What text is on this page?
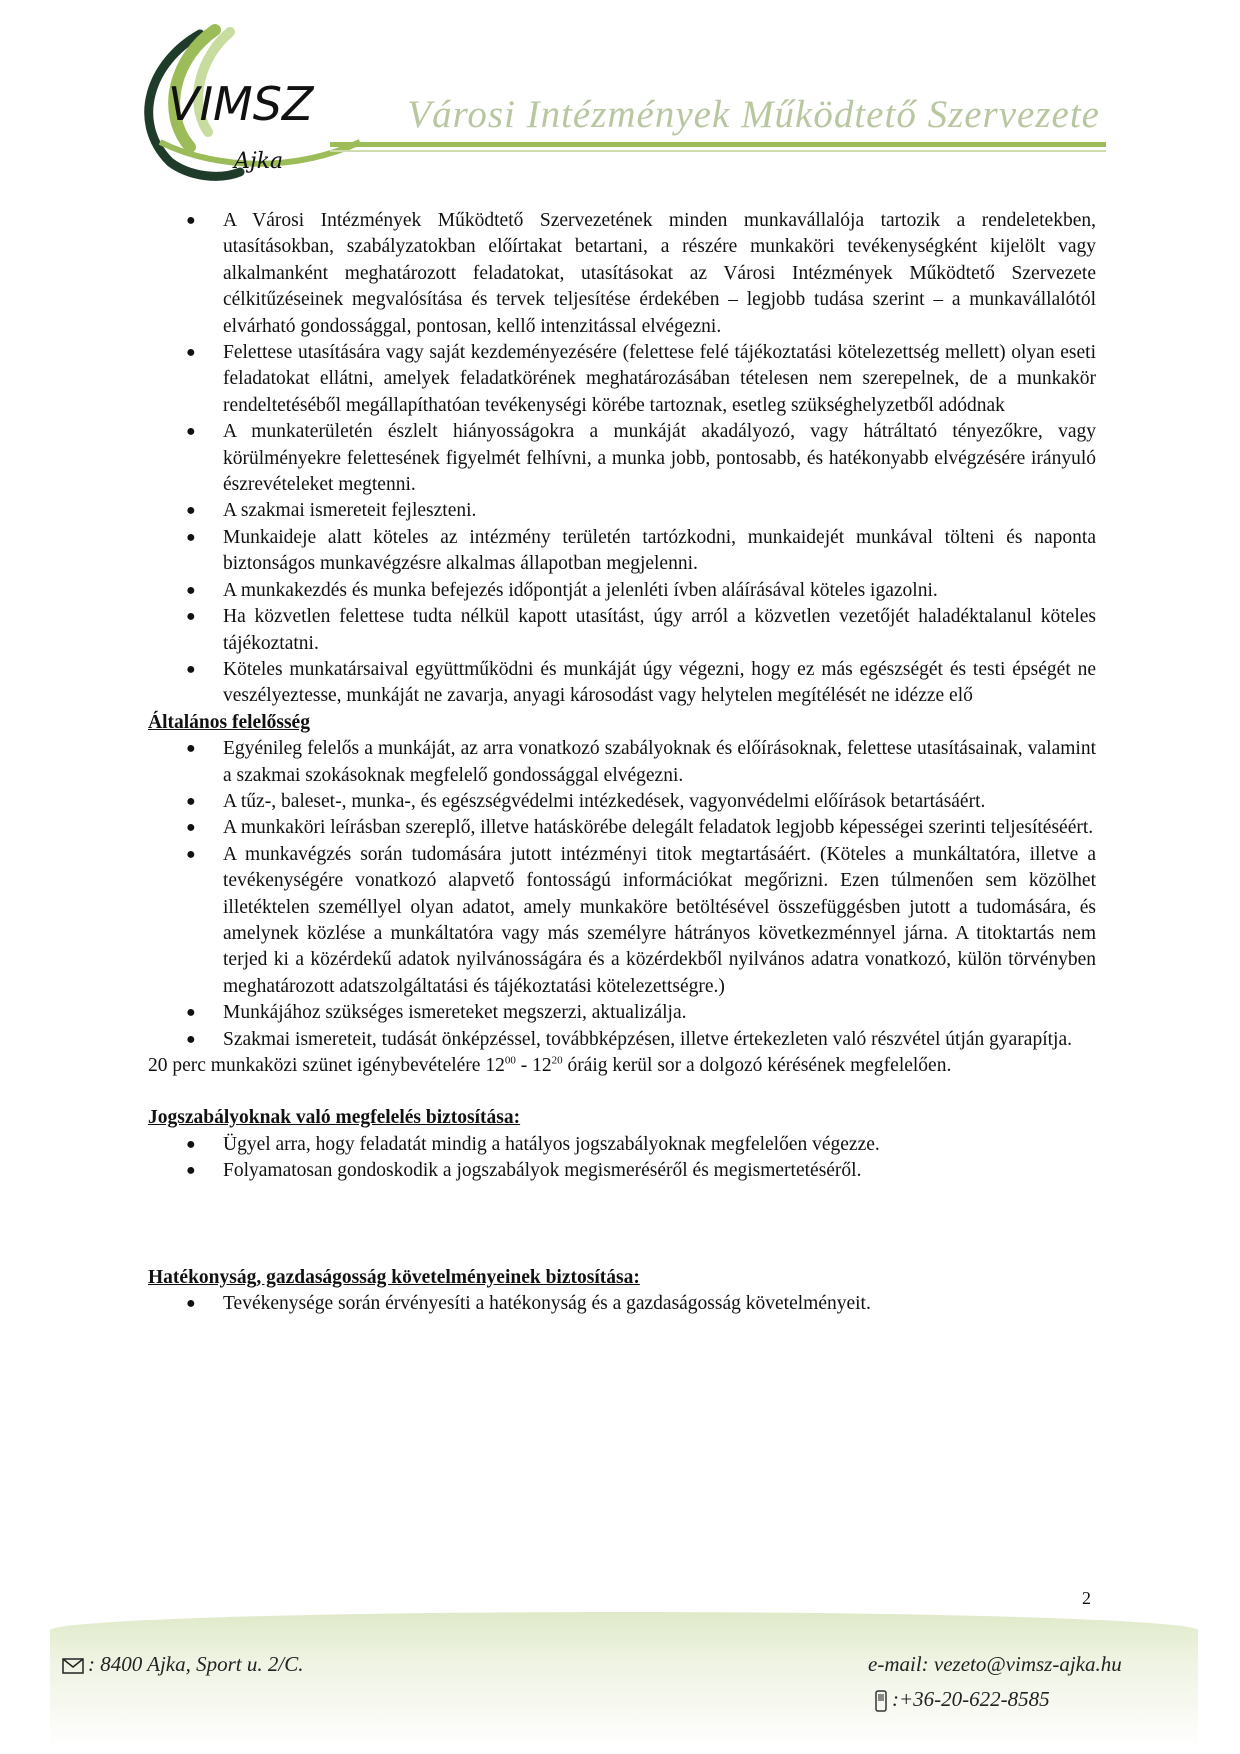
VIMSZ
Ajka
Városi Intézmények Működtető Szervezete
● A Városi Intézmények Működtető Szervezetének minden munkavállalója tartozik a rendeletekben, utasításokban, szabályzatokban előírtakat betartani, a részére munkaköri tevékenységként kijelölt vagy alkalmanként meghatározott feladatokat, utasításokat az Városi Intézmények Működtető Szervezete célkitűzéseinek megvalósítása és tervek teljesítése érdekében – legjobb tudása szerint – a munkavállalótól elvárható gondossággal, pontosan, kellő intenzitással elvégezni.
● Felettese utasítására vagy saját kezdeményezésére (felettese felé tájékoztatási kötelezettség mellett) olyan eseti feladatokat ellátni, amelyek feladatkörének meghatározásában tételesen nem szerepelnek, de a munkakör rendeltetéséből megállapíthatóan tevékenységi körébe tartoznak, esetleg szükséghelyzetből adódnak
● A munkaterületén észlelt hiányosságokra a munkáját akadályozó, vagy hátráltató tényezőkre, vagy körülményekre felettesének figyelmét felhívni, a munka jobb, pontosabb, és hatékonyabb elvégzésére irányuló észrevételeket megtenni.
● A szakmai ismereteit fejleszteni.
● Munkaideje alatt köteles az intézmény területén tartózkodni, munkaidejét munkával tölteni és naponta biztonságos munkavégzésre alkalmas állapotban megjelenni.
● A munkakezdés és munka befejezés időpontját a jelenléti ívben aláírásával köteles igazolni.
● Ha közvetlen felettese tudta nélkül kapott utasítást, úgy arról a közvetlen vezetőjét haladéktalanul köteles tájékoztatni.
● Köteles munkatársaival együttműködni és munkáját úgy végezni, hogy ez más egészségét és testi épségét ne veszélyeztesse, munkáját ne zavarja, anyagi károsodást vagy helytelen megítélését ne idézze elő

Általános felelősség

● Egyénileg felelős a munkáját, az arra vonatkozó szabályoknak és előírásoknak, felettese utasításainak, valamint a szakmai szokásoknak megfelelő gondossággal elvégezni.
● A tűz-, baleset-, munka-, és egészségvédelmi intézkedések, vagyonvédelmi előírások betartásáért.
● A munkaköri leírásban szereplő, illetve hatáskörébe delegált feladatok legjobb képességei szerinti teljesítéséért.
● A munkavégzés során tudomására jutott intézményi titok megtartásáért. (Köteles a munkáltatóra, illetve a tevékenységére vonatkozó alapvető fontosságú információkat megőrizni. Ezen túlmenően sem közölhet illetéktelen személlyel olyan adatot, amely munkaköre betöltésével összefüggésben jutott a tudomására, és amelynek közlése a munkáltatóra vagy más személyre hátrányos következménnyel járna. A titoktartás nem terjed ki a közérdekű adatok nyilvánosságára és a közérdekből nyilvános adatra vonatkozó, külön törvényben meghatározott adatszolgáltatási és tájékoztatási kötelezettségre.)
● Munkájához szükséges ismereteket megszerzi, aktualizálja.
● Szakmai ismereteit, tudását önképzéssel, továbbképzésen, illetve értekezleten való részvétel útján gyarapítja.

20 perc munkaközi szünet igénybevételére $12^{00} - 12^{20}$ óráig kerül sor a dolgozó kérésének megfelelően.

Jogszabályoknak való megfelelés biztosítása:

● Ügyel arra, hogy feladatát mindig a hatályos jogszabályoknak megfelelően végezze.
● Folyamatosan gondoskodik a jogszabályok megismeréséről és megismertetéséről.

Hatékonyság, gazdaságosság követelményeinek biztosítása:

● Tevékenysége során érvényesíti a hatékonyság és a gazdaságosság követelményeit.
2
: 8400 Ajka, Sport u. 2/C.	e-mail: vezeto@vimsz-ajka.hu
:+36-20-622-8585
